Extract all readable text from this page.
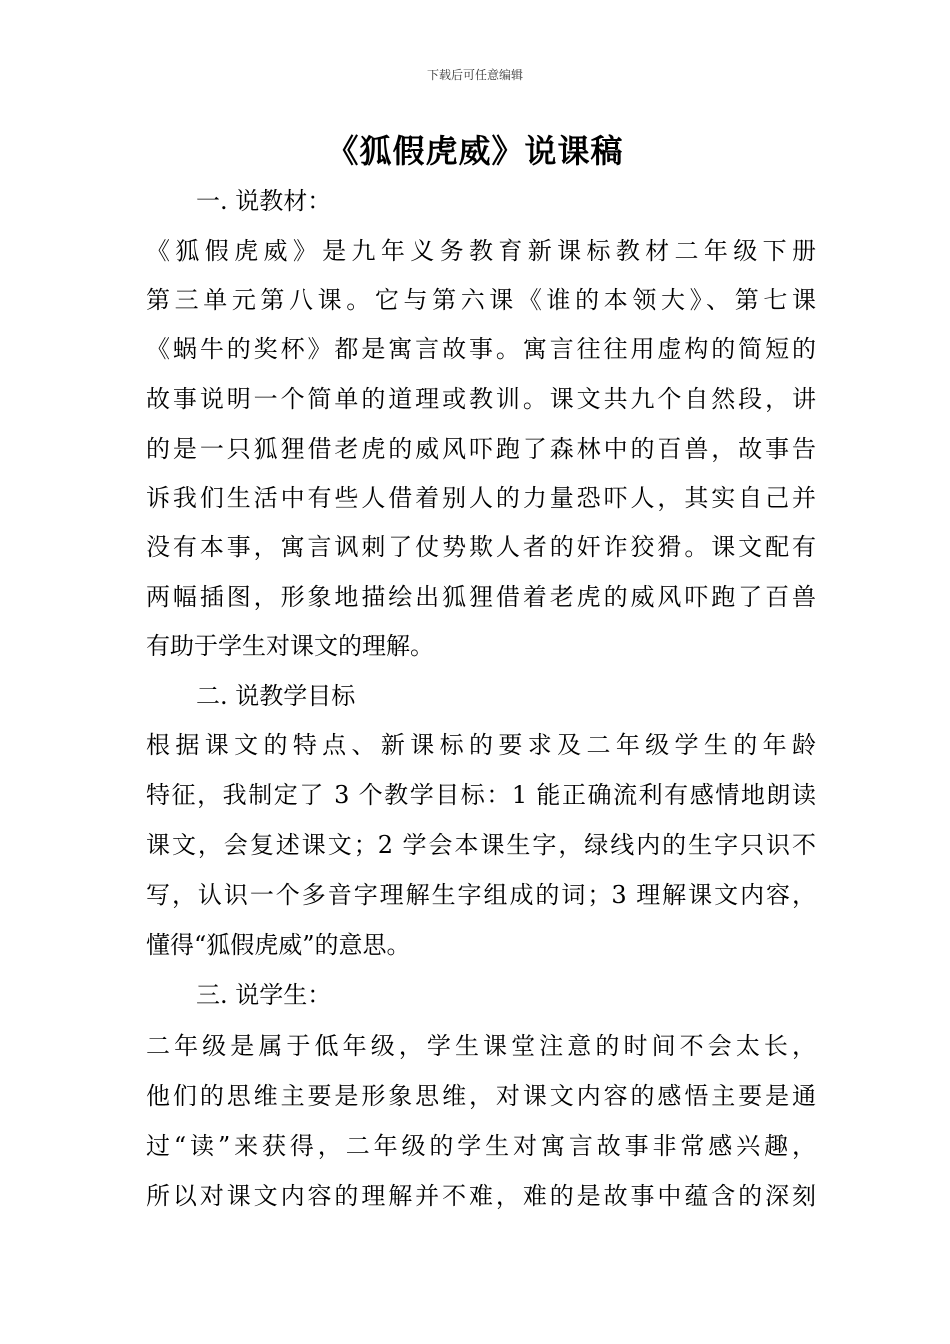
下载后可任意编辑
《狐假虎威》说课稿
一. 说教材：
《狐假虎威》是九年义务教育新课标教材二年级下册
第三单元第八课。它与第六课《谁的本领大》、第七课
《蜗牛的奖杯》都是寓言故事。寓言往往用虚构的简短的
故事说明一个简单的道理或教训。课文共九个自然段，讲
的是一只狐狸借老虎的威风吓跑了森林中的百兽，故事告
诉我们生活中有些人借着别人的力量恐吓人，其实自己并
没有本事，寓言讽刺了仗势欺人者的奸诈狡猾。课文配有
两幅插图，形象地描绘出狐狸借着老虎的威风吓跑了百兽
有助于学生对课文的理解。
二. 说教学目标
根据课文的特点、新课标的要求及二年级学生的年龄
特征，我制定了 3 个教学目标：1 能正确流利有感情地朗读
课文，会复述课文；2 学会本课生字，绿线内的生字只识不
写，认识一个多音字理解生字组成的词；3 理解课文内容，
懂得“狐假虎威”的意思。
三. 说学生：
二年级是属于低年级，学生课堂注意的时间不会太长，
他们的思维主要是形象思维，对课文内容的感悟主要是通
过“读”来获得，二年级的学生对寓言故事非常感兴趣，
所以对课文内容的理解并不难，难的是故事中蕴含的深刻
